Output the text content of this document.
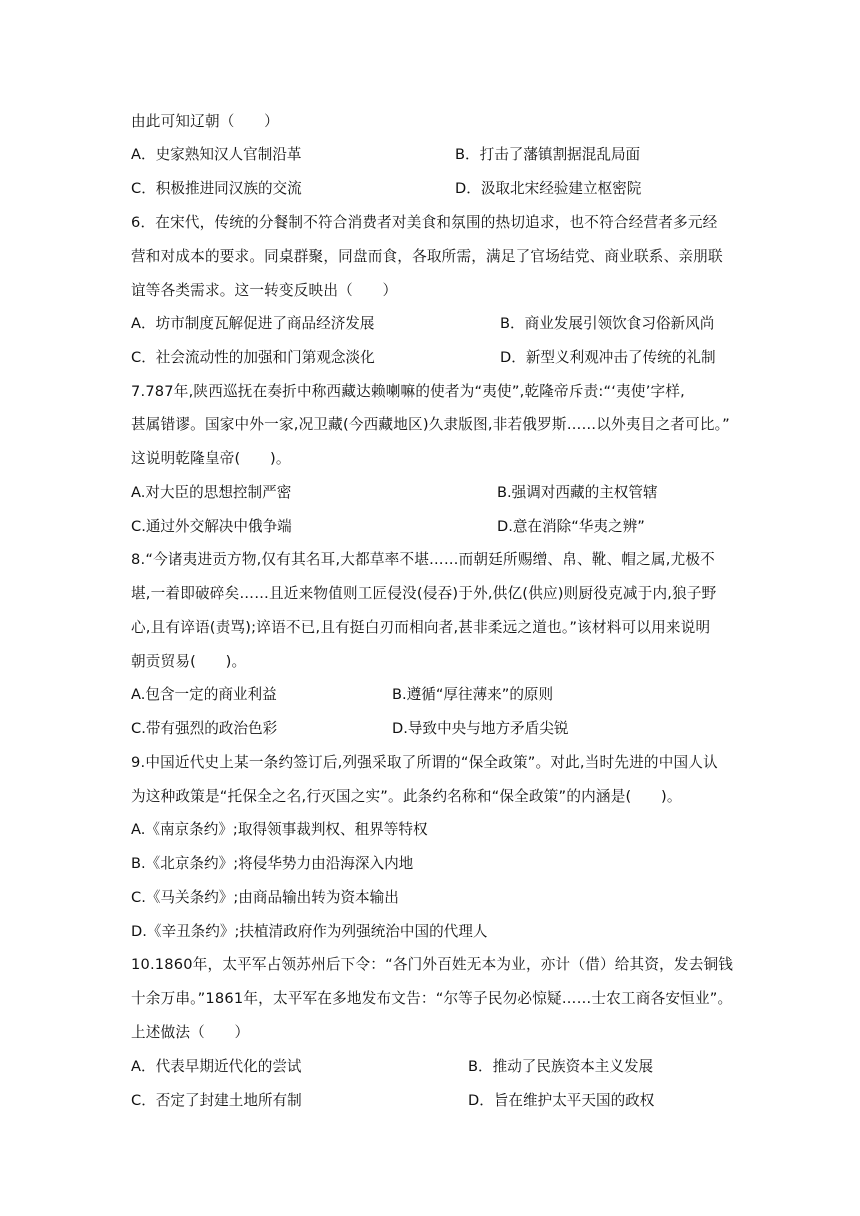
由此可知辽朝（　　）
A．史家熟知汉人官制沿革	B．打击了藩镇割据混乱局面
C．积极推进同汉族的交流	D．汲取北宋经验建立枢密院
6．在宋代，传统的分餐制不符合消费者对美食和氛围的热切追求，也不符合经营者多元经
营和对成本的要求。同桌群聚，同盘而食，各取所需，满足了官场结党、商业联系、亲朋联
谊等各类需求。这一转变反映出（　　）
A．坊市制度瓦解促进了商品经济发展	B．商业发展引领饮食习俗新风尚
C．社会流动性的加强和门第观念淡化	D．新型义利观冲击了传统的礼制
7.787年,陕西巡抚在奏折中称西藏达赖喇嘛的使者为“夷使”,乾隆帝斥责:“‘夷使’字样,
甚属错谬。国家中外一家,况卫藏(今西藏地区)久隶版图,非若俄罗斯……以外夷目之者可比。”
这说明乾隆皇帝(　　)。
A.对大臣的思想控制严密	B.强调对西藏的主权管辖
C.通过外交解决中俄争端	D.意在消除“华夷之辨”
8.“今诸夷进贡方物,仅有其名耳,大都草率不堪……而朝廷所赐缯、帛、靴、帽之属,尤极不
堪,一着即破碎矣……且近来物值则工匠侵没(侵吞)于外,供亿(供应)则厨役克减于内,狼子野
心,且有谇语(责骂);谇语不已,且有挺白刃而相向者,甚非柔远之道也。”该材料可以用来说明
朝贡贸易(　　)。
A.包含一定的商业利益	B.遵循“厚往薄来”的原则
C.带有强烈的政治色彩	D.导致中央与地方矛盾尖锐
9.中国近代史上某一条约签订后,列强采取了所谓的“保全政策”。对此,当时先进的中国人认
为这种政策是“托保全之名,行灭国之实”。此条约名称和“保全政策”的内涵是(　　)。
A.《南京条约》;取得领事裁判权、租界等特权
B.《北京条约》;将侵华势力由沿海深入内地
C.《马关条约》;由商品输出转为资本输出
D.《辛丑条约》;扶植清政府作为列强统治中国的代理人
10.1860年，太平军占领苏州后下令：“各门外百姓无本为业，亦计（借）给其资，发去铜钱
十余万串。”1861年，太平军在多地发布文告：“尔等子民勿必惊疑……士农工商各安恒业”。
上述做法（　　）
A．代表早期近代化的尝试	B．推动了民族资本主义发展
C．否定了封建土地所有制	D．旨在维护太平天国的政权
